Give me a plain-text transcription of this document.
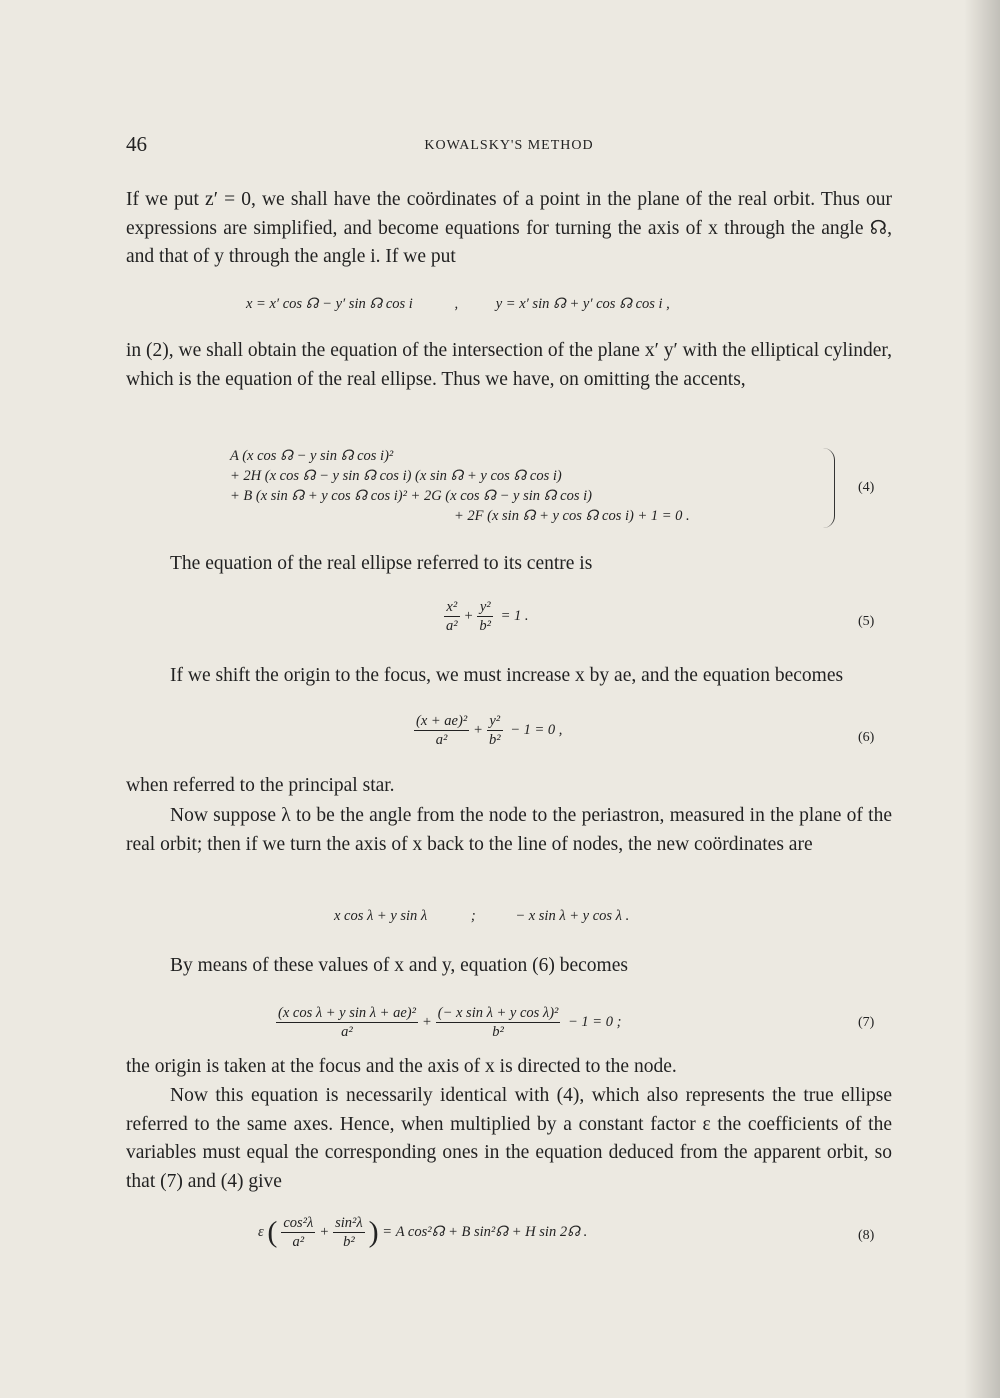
46	KOWALSKY'S METHOD
If we put z′ = 0, we shall have the coördinates of a point in the plane of the real orbit. Thus our expressions are simplified, and become equations for turning the axis of x through the angle ☊, and that of y through the angle i. If we put
x = x′ cos ☊ − y′ sin ☊ cos i	,	y = x′ sin ☊ + y′ cos ☊ cos i ,
in (2), we shall obtain the equation of the intersection of the plane x′ y′ with the elliptical cylinder, which is the equation of the real ellipse. Thus we have, on omitting the accents,
A (x cos ☊ − y sin ☊ cos i)²
+ 2H (x cos ☊ − y sin ☊ cos i) (x sin ☊ + y cos ☊ cos i)
+ B (x sin ☊ + y cos ☊ cos i)² + 2G (x cos ☊ − y sin ☊ cos i)
+ 2F (x sin ☊ + y cos ☊ cos i) + 1 = 0 .
(4)
The equation of the real ellipse referred to its centre is
$\frac{\text{x²}}{\text{a²}} + \frac{\text{y²}}{\text{b²}} = 1$ .	(5)
If we shift the origin to the focus, we must increase x by ae, and the equation becomes
$\frac{\text{(x + ae)²}}{\text{a²}} + \frac{\text{y²}}{\text{b²}} - 1 = 0$ ,	(6)
when referred to the principal star.
Now suppose λ to be the angle from the node to the periastron, measured in the plane of the real orbit; then if we turn the axis of x back to the line of nodes, the new coördinates are
x cos λ + y sin λ	;	− x sin λ + y cos λ .
By means of these values of x and y, equation (6) becomes
$\frac{\text{(x cos λ + y sin λ + ae)²}}{\text{a²}} + \frac{\text{(− x sin λ + y cos λ)²}}{\text{b²}} - 1 = 0$ ;	(7)
the origin is taken at the focus and the axis of x is directed to the node.
Now this equation is necessarily identical with (4), which also represents the true ellipse referred to the same axes. Hence, when multiplied by a constant factor ε the coefficients of the variables must equal the corresponding ones in the equation deduced from the apparent orbit, so that (7) and (4) give
ε ( $\frac{\text{cos²λ}}{\text{a²}} + \frac{\text{sin²λ}}{\text{b²}}$ ) = A cos²☊ + B sin²☊ + H sin 2☊ .	(8)
